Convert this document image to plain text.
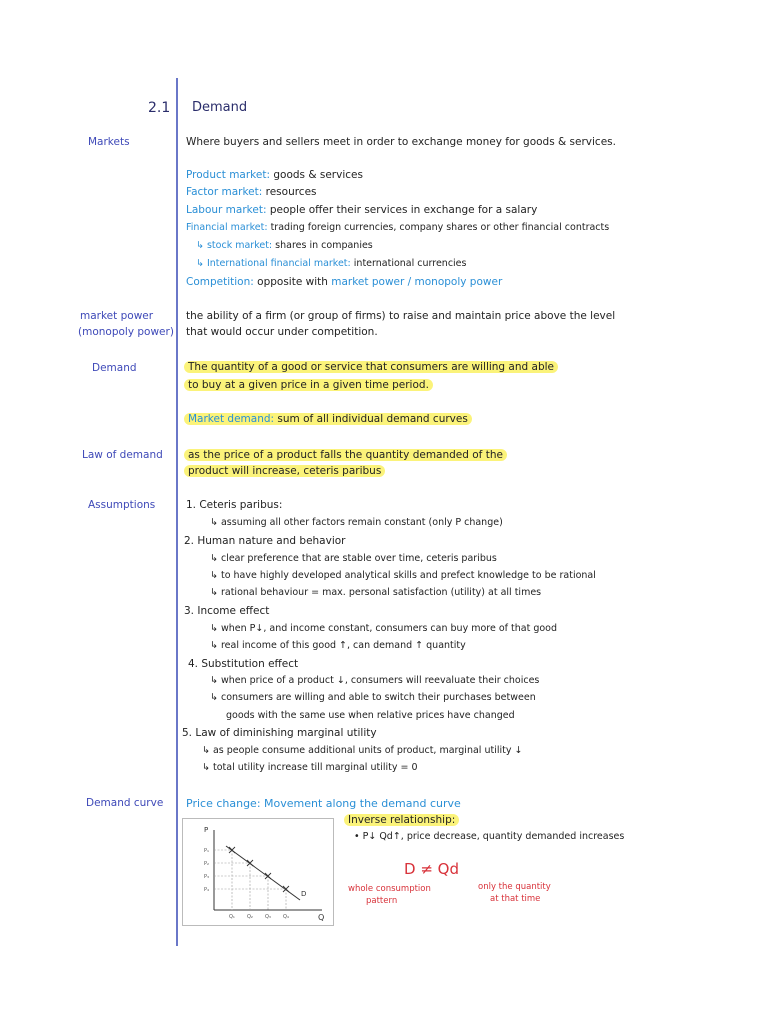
2.1 Demand
Markets
market power
(monopoly power)
Demand
Law of demand
Assumptions
Demand curve
Where buyers and sellers meet in order to exchange money for goods & services.
Product market: goods & services
Factor market: resources
Labour market: people offer their services in exchange for a salary
Financial market: trading foreign currencies, company shares or other financial contracts
↳ stock market: shares in companies
↳ International financial market: international currencies
Competition: opposite with market power / monopoly power
the ability of a firm (or group of firms) to raise and maintain price above the level
that would occur under competition.
The quantity of a good or service that consumers are willing and able
to buy at a given price in a given time period.
Market demand: sum of all individual demand curves
as the price of a product falls the quantity demanded of the
product will increase, ceteris paribus
1. Ceteris paribus:
↳ assuming all other factors remain constant (only P change)
2. Human nature and behavior
↳ clear preference that are stable over time, ceteris paribus
↳ to have highly developed analytical skills and prefect knowledge to be rational
↳ rational behaviour = max. personal satisfaction (utility) at all times
3. Income effect
↳ when P↓, and income constant, consumers can buy more of that good
↳ real income of this good ↑, can demand ↑ quantity
4. Substitution effect
↳ when price of a product ↓, consumers will reevaluate their choices
↳ consumers are willing and able to switch their purchases between
goods with the same use when relative prices have changed
5. Law of diminishing marginal utility
↳ as people consume additional units of product, marginal utility ↓
↳ total utility increase till marginal utility = 0
Price change: Movement along the demand curve
Inverse relationship:
• P↓ Qd↑, price decrease, quantity demanded increases
D ≠ Qd
whole consumption
pattern
only the quantity
at that time
P
Q
D
P₁
P₂
P₃
P₄
Q₁ Q₂ Q₃ Q₄
